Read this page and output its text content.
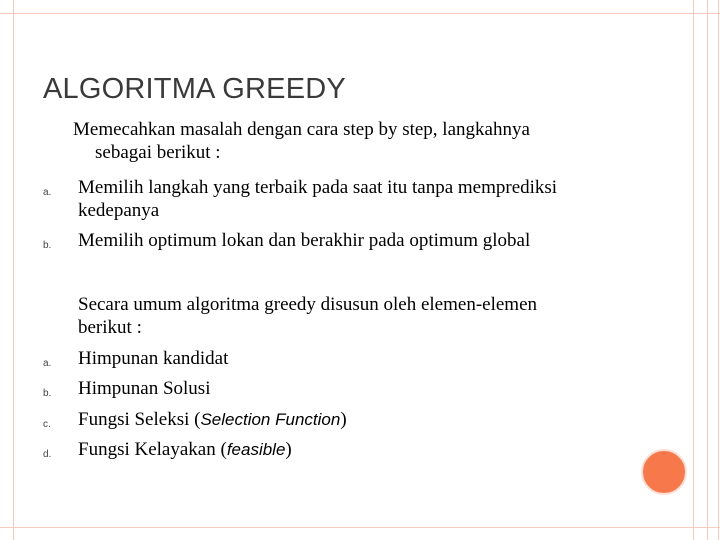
ALGORITMA GREEDY

Memecahkan masalah dengan cara step by step, langkahnya
sebagai berikut :

a. Memilih langkah yang terbaik pada saat itu tanpa memprediksi
kedepanya
b. Memilih optimum lokan dan berakhir pada optimum global

Secara umum algoritma greedy disusun oleh elemen-elemen
berikut :

a. Himpunan kandidat
b. Himpunan Solusi
c. Fungsi Seleksi (Selection Function)
d. Fungsi Kelayakan (feasible)
